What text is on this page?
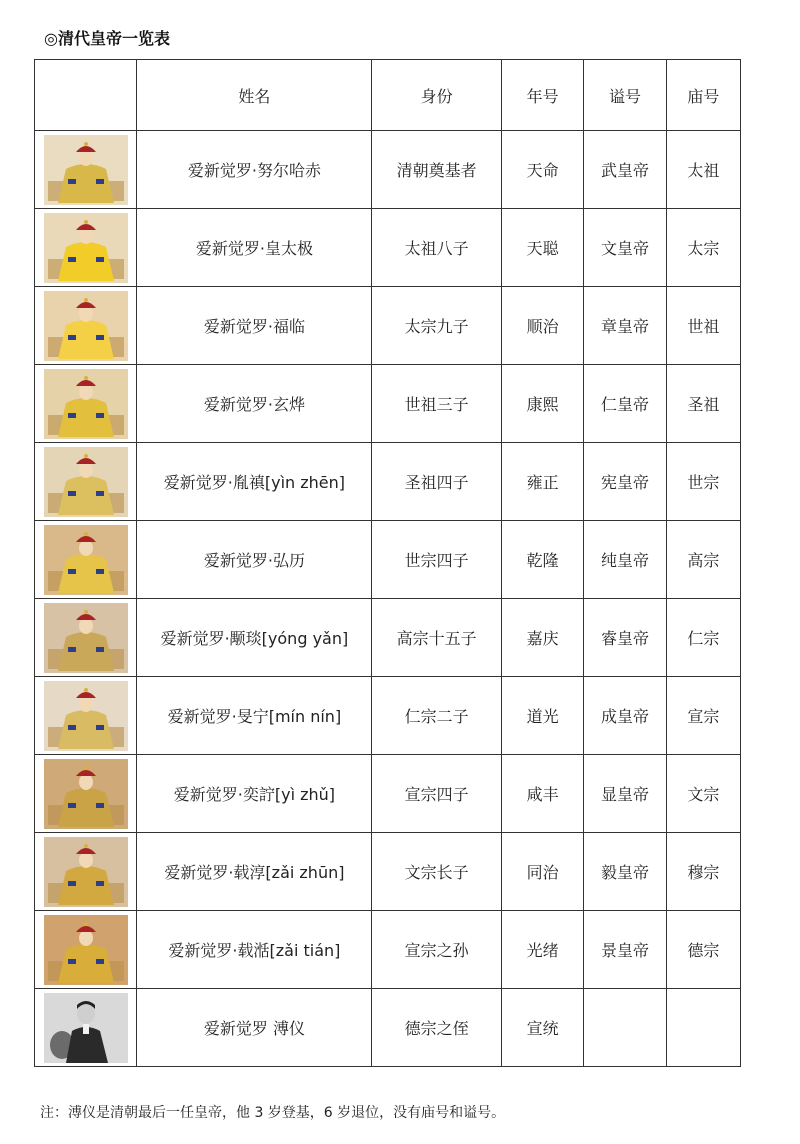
◎清代皇帝一览表
	姓名	身份	年号	谥号	庙号

	爱新觉罗·努尔哈赤	清朝奠基者	天命	武皇帝	太祖

	爱新觉罗·皇太极	太祖八子	天聪	文皇帝	太宗

	爱新觉罗·福临	太宗九子	顺治	章皇帝	世祖

	爱新觉罗·玄烨	世祖三子	康熙	仁皇帝	圣祖

	爱新觉罗·胤禛[yìn zhēn]	圣祖四子	雍正	宪皇帝	世宗

	爱新觉罗·弘历	世宗四子	乾隆	纯皇帝	高宗

	爱新觉罗·颙琰[yóng yǎn]	高宗十五子	嘉庆	睿皇帝	仁宗

	爱新觉罗·旻宁[mín nín]	仁宗二子	道光	成皇帝	宣宗

	爱新觉罗·奕詝[yì zhǔ]	宣宗四子	咸丰	显皇帝	文宗

	爱新觉罗·载淳[zǎi zhūn]	文宗长子	同治	毅皇帝	穆宗

	爱新觉罗·载湉[zǎi tián]	宣宗之孙	光绪	景皇帝	德宗

	爱新觉罗 溥仪	德宗之侄	宣统		
注：溥仪是清朝最后一任皇帝，他 3 岁登基，6 岁退位，没有庙号和谥号。
